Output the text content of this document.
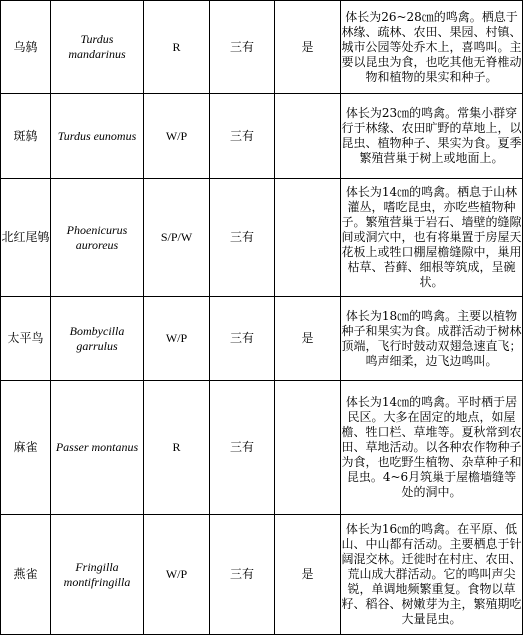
乌鸫	Turdus mandarinus	R	三有	是	体长为26~28㎝的鸣禽。栖息于林缘、疏林、农田、果园、村镇、城市公园等处乔木上，喜鸣叫。主要以昆虫为食，也吃其他无脊椎动物和植物的果实和种子。

斑鸫	Turdus eunomus	W/P	三有		体长为23㎝的鸣禽。常集小群穿行于林缘、农田旷野的草地上，以昆虫、植物种子、果实为食。夏季繁殖营巢于树上或地面上。

北红尾鸲	Phoenicurus auroreus	S/P/W	三有		体长为14㎝的鸣禽。栖息于山林灌丛，嗜吃昆虫，亦吃些植物种子。繁殖营巢于岩石、墙壁的缝隙间或洞穴中，也有将巢置于房屋天花板上或牲口棚屋檐缝隙中，巢用枯草、苔藓、细根等筑成，呈碗状。

太平鸟	Bombycilla garrulus	W/P	三有	是	体长为18㎝的鸣禽。主要以植物种子和果实为食。成群活动于树林顶端，飞行时鼓动双翅急速直飞；鸣声细柔，边飞边鸣叫。

麻雀	Passer montanus	R	三有		体长为14㎝的鸣禽。平时栖于居民区。大多在固定的地点，如屋檐、牲口栏、草堆等。夏秋常到农田、草地活动。以各种农作物种子为食，也吃野生植物、杂草种子和昆虫。4~6月筑巢于屋檐墙缝等处的洞中。

燕雀	Fringilla montifringilla	W/P	三有	是	体长为16㎝的鸣禽。在平原、低山、中山都有活动。主要栖息于针阔混交林。迁徙时在村庄、农田、荒山成大群活动。它的鸣叫声尖锐，单调地频繁重复。食物以草籽、稻谷、树嫩芽为主，繁殖期吃大量昆虫。
